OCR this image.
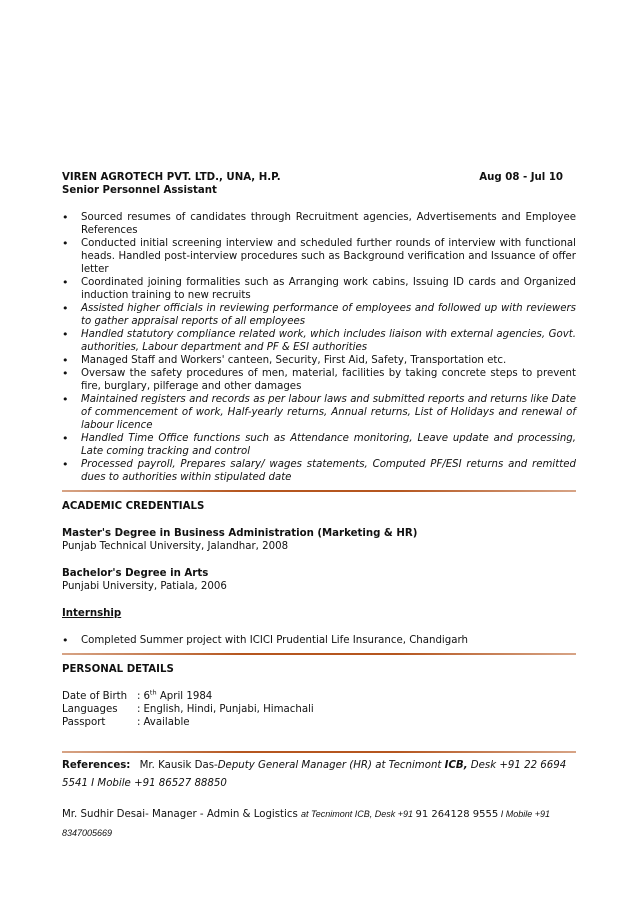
VIREN AGROTECH PVT. LTD., UNA, H.P.	Aug 08 - Jul 10
Senior Personnel Assistant
• Sourced resumes of candidates through Recruitment agencies, Advertisements and Employee References
• Conducted initial screening interview and scheduled further rounds of interview with functional heads. Handled post-interview procedures such as Background verification and Issuance of offer letter
• Coordinated joining formalities such as Arranging work cabins, Issuing ID cards and Organized induction training to new recruits
• Assisted higher officials in reviewing performance of employees and followed up with reviewers to gather appraisal reports of all employees
• Handled statutory compliance related work, which includes liaison with external agencies, Govt. authorities, Labour department and PF & ESI authorities
• Managed Staff and Workers' canteen, Security, First Aid, Safety, Transportation etc.
• Oversaw the safety procedures of men, material, facilities by taking concrete steps to prevent fire, burglary, pilferage and other damages
• Maintained registers and records as per labour laws and submitted reports and returns like Date of commencement of work, Half-yearly returns, Annual returns, List of Holidays and renewal of labour licence
• Handled Time Office functions such as Attendance monitoring, Leave update and processing, Late coming tracking and control
• Processed payroll, Prepares salary/ wages statements, Computed PF/ESI returns and remitted dues to authorities within stipulated date
ACADEMIC CREDENTIALS
Master's Degree in Business Administration (Marketing & HR)
Punjab Technical University, Jalandhar, 2008
Bachelor's Degree in Arts
Punjabi University, Patiala, 2006
Internship
• Completed Summer project with ICICI Prudential Life Insurance, Chandigarh
PERSONAL DETAILS
Date of Birth : 6th April 1984
Languages	: English, Hindi, Punjabi, Himachali
Passport	: Available
References: Mr. Kausik Das-Deputy General Manager (HR) at Tecnimont ICB, Desk +91 22 6694 5541 I Mobile +91 86527 88850
Mr. Sudhir Desai- Manager - Admin & Logistics at Tecnimont ICB, Desk +91 91 264128 9555 I Mobile +91 8347005669
